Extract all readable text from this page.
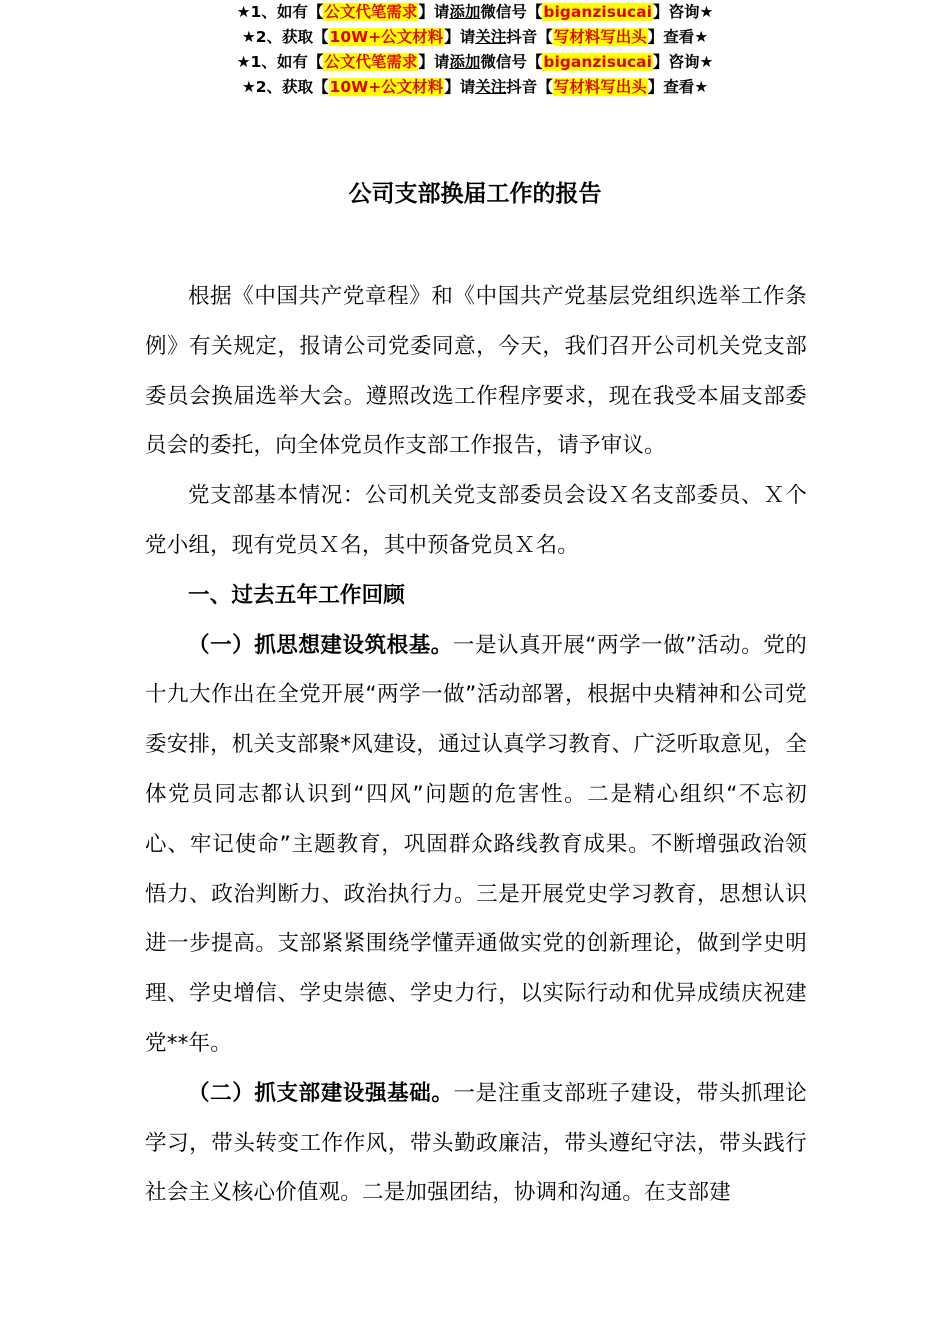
★1、如有【公文代笔需求】请添加微信号【biganzisucai】咨询★
★2、获取【10W+公文材料】请关注抖音【写材料写出头】查看★
公司支部换届工作的报告

根据《中国共产党章程》和《中国共产党基层党组织选举工作条例》有关规定，报请公司党委同意，今天，我们召开公司机关党支部委员会换届选举大会。遵照改选工作程序要求，现在我受本届支部委员会的委托，向全体党员作支部工作报告，请予审议。

党支部基本情况：公司机关党支部委员会设Ｘ名支部委员、Ｘ个党小组，现有党员Ｘ名，其中预备党员Ｘ名。

一、过去五年工作回顾

（一）抓思想建设筑根基。一是认真开展“两学一做”活动。党的十九大作出在全党开展“两学一做”活动部署，根据中央精神和公司党委安排，机关支部聚*风建设，通过认真学习教育、广泛听取意见，全体党员同志都认识到“四风”问题的危害性。二是精心组织“不忘初心、牢记使命”主题教育，巩固群众路线教育成果。不断增强政治领悟力、政治判断力、政治执行力。三是开展党史学习教育，思想认识进一步提高。支部紧紧围绕学懂弄通做实党的创新理论，做到学史明理、学史增信、学史崇德、学史力行，以实际行动和优异成绩庆祝建党**年。

（二）抓支部建设强基础。一是注重支部班子建设，带头抓理论学习，带头转变工作作风，带头勤政廉洁，带头遵纪守法，带头践行社会主义核心价值观。二是加强团结，协调和沟通。在支部建

★1、如有【公文代笔需求】请添加微信号【biganzisucai】咨询★
★2、获取【10W+公文材料】请关注抖音【写材料写出头】查看★
